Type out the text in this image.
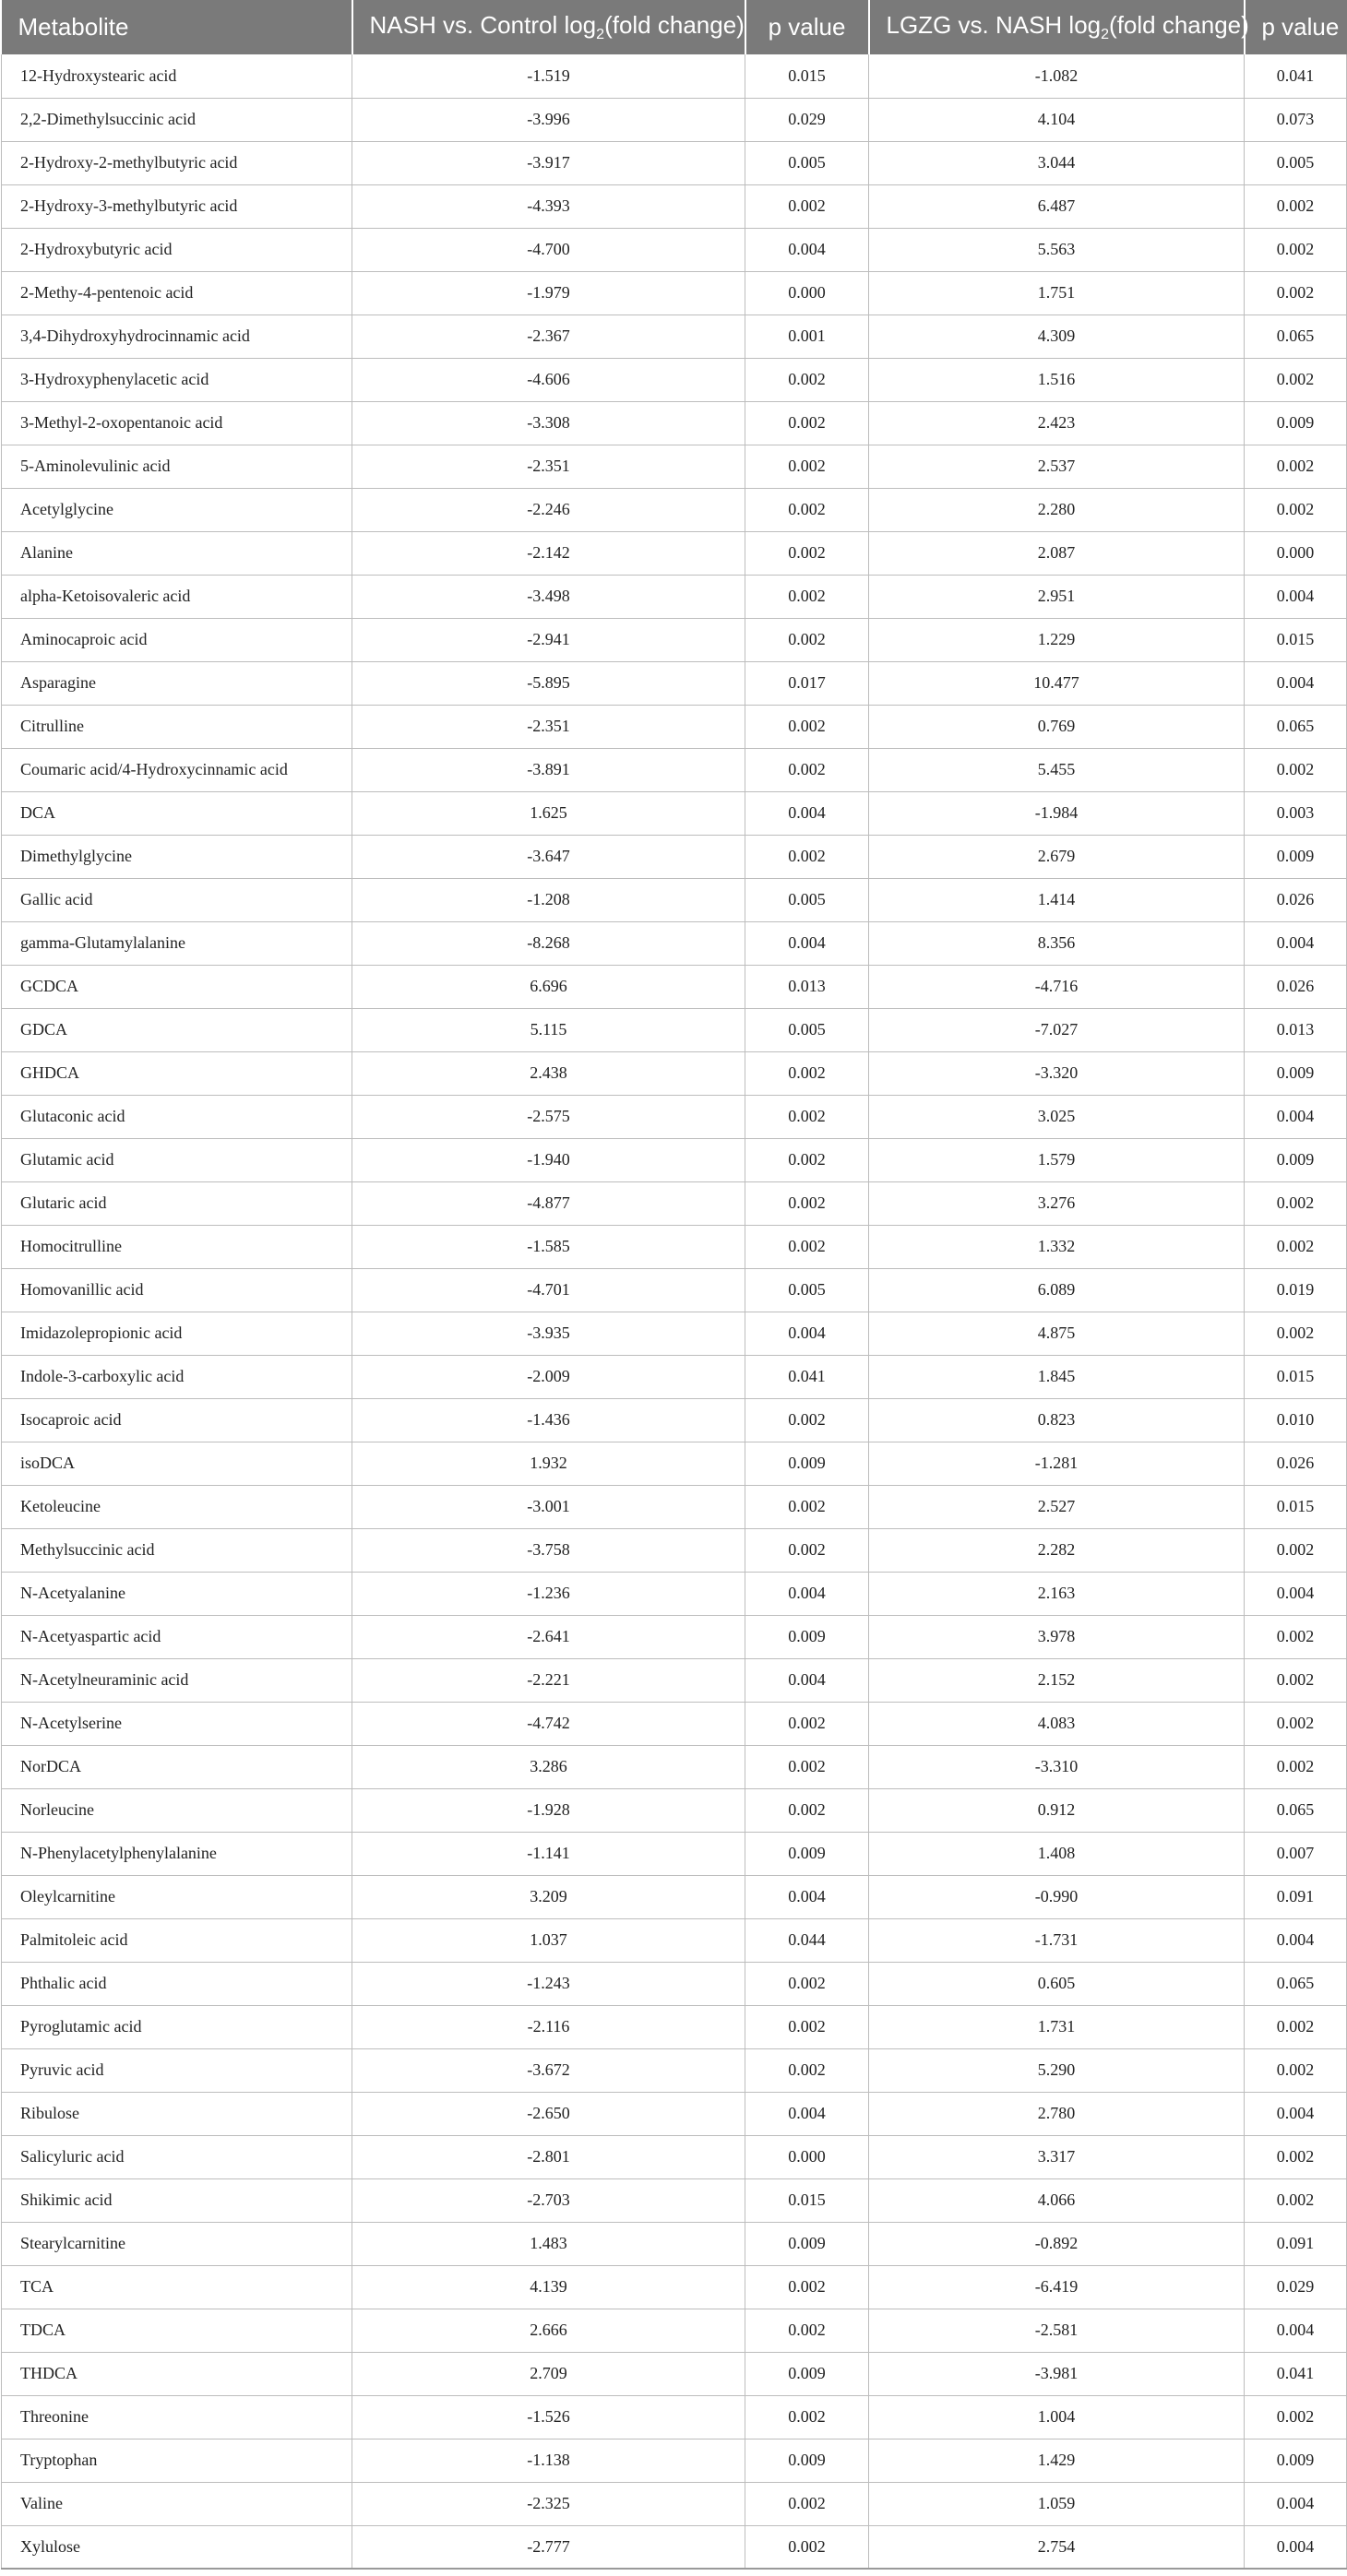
Metabolite	NASH vs. Control $\log_2(fold$ change)	p value	LGZG vs. NASH $\log_2(fold$ change)	p value
12-Hydroxystearic acid	-1.519	0.015	-1.082	0.041
2,2-Dimethylsuccinic acid	-3.996	0.029	4.104	0.073
2-Hydroxy-2-methylbutyric acid	-3.917	0.005	3.044	0.005
2-Hydroxy-3-methylbutyric acid	-4.393	0.002	6.487	0.002
2-Hydroxybutyric acid	-4.700	0.004	5.563	0.002
2-Methy-4-pentenoic acid	-1.979	0.000	1.751	0.002
3,4-Dihydroxyhydrocinnamic acid	-2.367	0.001	4.309	0.065
3-Hydroxyphenylacetic acid	-4.606	0.002	1.516	0.002
3-Methyl-2-oxopentanoic acid	-3.308	0.002	2.423	0.009
5-Aminolevulinic acid	-2.351	0.002	2.537	0.002
Acetylglycine	-2.246	0.002	2.280	0.002
Alanine	-2.142	0.002	2.087	0.000
alpha-Ketoisovaleric acid	-3.498	0.002	2.951	0.004
Aminocaproic acid	-2.941	0.002	1.229	0.015
Asparagine	-5.895	0.017	10.477	0.004
Citrulline	-2.351	0.002	0.769	0.065
Coumaric acid/4-Hydroxycinnamic acid	-3.891	0.002	5.455	0.002
DCA	1.625	0.004	-1.984	0.003
Dimethylglycine	-3.647	0.002	2.679	0.009
Gallic acid	-1.208	0.005	1.414	0.026
gamma-Glutamylalanine	-8.268	0.004	8.356	0.004
GCDCA	6.696	0.013	-4.716	0.026
GDCA	5.115	0.005	-7.027	0.013
GHDCA	2.438	0.002	-3.320	0.009
Glutaconic acid	-2.575	0.002	3.025	0.004
Glutamic acid	-1.940	0.002	1.579	0.009
Glutaric acid	-4.877	0.002	3.276	0.002
Homocitrulline	-1.585	0.002	1.332	0.002
Homovanillic acid	-4.701	0.005	6.089	0.019
Imidazolepropionic acid	-3.935	0.004	4.875	0.002
Indole-3-carboxylic acid	-2.009	0.041	1.845	0.015
Isocaproic acid	-1.436	0.002	0.823	0.010
isoDCA	1.932	0.009	-1.281	0.026
Ketoleucine	-3.001	0.002	2.527	0.015
Methylsuccinic acid	-3.758	0.002	2.282	0.002
N-Acetyalanine	-1.236	0.004	2.163	0.004
N-Acetyaspartic acid	-2.641	0.009	3.978	0.002
N-Acetylneuraminic acid	-2.221	0.004	2.152	0.002
N-Acetylserine	-4.742	0.002	4.083	0.002
NorDCA	3.286	0.002	-3.310	0.002
Norleucine	-1.928	0.002	0.912	0.065
N-Phenylacetylphenylalanine	-1.141	0.009	1.408	0.007
Oleylcarnitine	3.209	0.004	-0.990	0.091
Palmitoleic acid	1.037	0.044	-1.731	0.004
Phthalic acid	-1.243	0.002	0.605	0.065
Pyroglutamic acid	-2.116	0.002	1.731	0.002
Pyruvic acid	-3.672	0.002	5.290	0.002
Ribulose	-2.650	0.004	2.780	0.004
Salicyluric acid	-2.801	0.000	3.317	0.002
Shikimic acid	-2.703	0.015	4.066	0.002
Stearylcarnitine	1.483	0.009	-0.892	0.091
TCA	4.139	0.002	-6.419	0.029
TDCA	2.666	0.002	-2.581	0.004
THDCA	2.709	0.009	-3.981	0.041
Threonine	-1.526	0.002	1.004	0.002
Tryptophan	-1.138	0.009	1.429	0.009
Valine	-2.325	0.002	1.059	0.004
Xylulose	-2.777	0.002	2.754	0.004
